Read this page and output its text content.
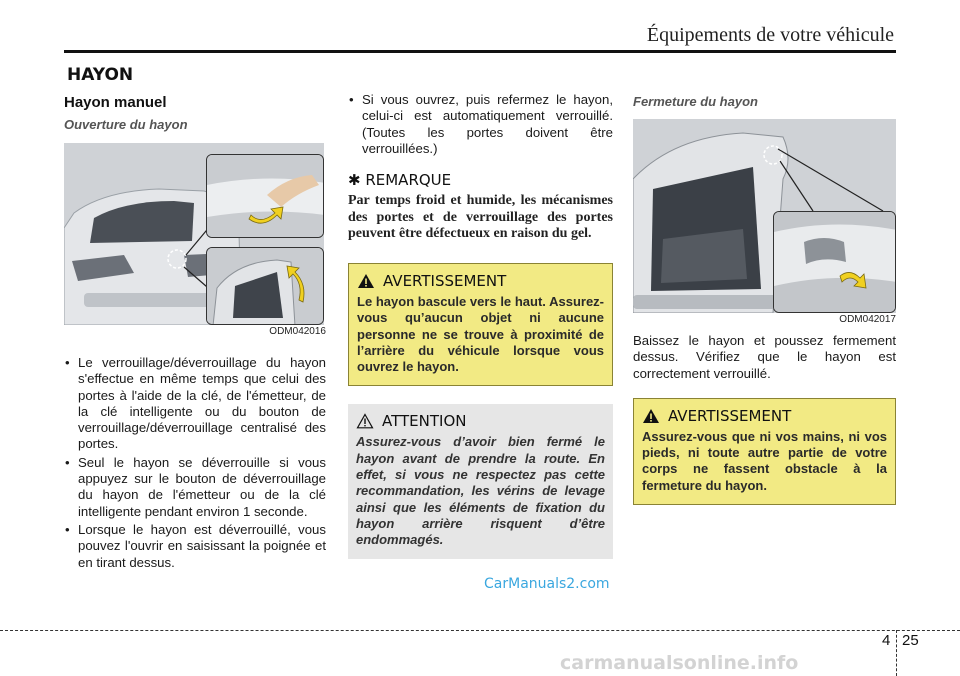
Équipements de votre véhicule
HAYON
Hayon manuel
Ouverture du hayon
ODM042016
• Le verrouillage/déverrouillage du hayon s'effectue en même temps que celui des portes à l'aide de la clé, de l'émetteur, de la clé intelligente ou du bouton de verrouillage/déverrouillage centralisé des portes.
• Seul le hayon se déverrouille si vous appuyez sur le bouton de déverrouillage du hayon de l'émetteur ou de la clé intelligente pendant environ 1 seconde.
• Lorsque le hayon est déverrouillé, vous pouvez l'ouvrir en saisissant la poignée et en tirant dessus.
• Si vous ouvrez, puis refermez le hayon, celui-ci est automatiquement verrouillé. (Toutes les portes doivent être verrouillées.)
✱ REMARQUE
Par temps froid et humide, les mécanismes des portes et de verrouillage des portes peuvent être défectueux en raison du gel.
AVERTISSEMENT
Le hayon bascule vers le haut. Assurez-vous qu’aucun objet ni aucune personne ne se trouve à proximité de l’arrière du véhicule lorsque vous ouvrez le hayon.
ATTENTION
Assurez-vous d’avoir bien fermé le hayon avant de prendre la route. En effet, si vous ne respectez pas cette recommandation, les vérins de levage ainsi que les éléments de fixation du hayon arrière risquent d’être endommagés.
Fermeture du hayon
ODM042017
Baissez le hayon et poussez fermement dessus. Vérifiez que le hayon est correctement verrouillé.
AVERTISSEMENT
Assurez-vous que ni vos mains, ni vos pieds, ni toute autre partie de votre corps ne fassent obstacle à la fermeture du hayon.
CarManuals2.com
4 25
carmanualsonline.info
